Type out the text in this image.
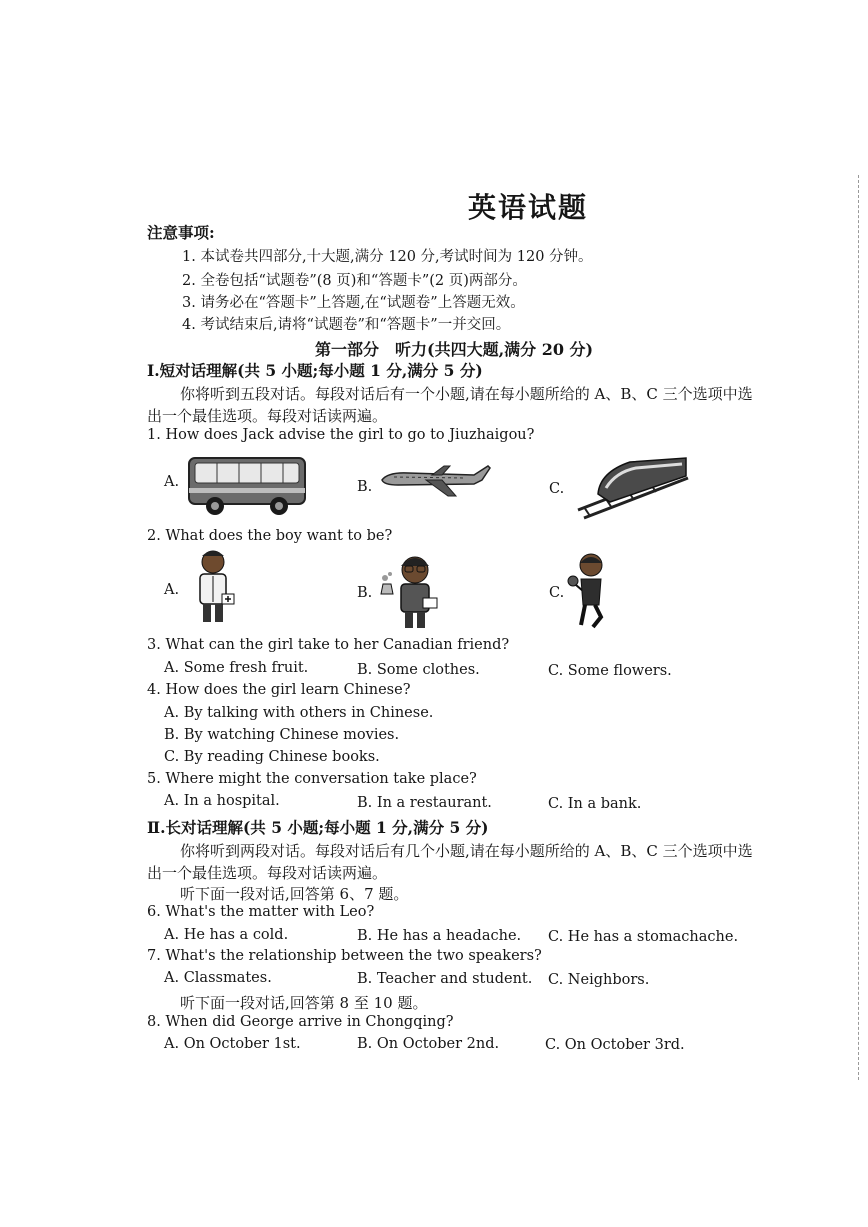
英语试题
注意事项:
1. 本试卷共四部分,十大题,满分 120 分,考试时间为 120 分钟。
2. 全卷包括“试题卷”(8 页)和“答题卡”(2 页)两部分。
3. 请务必在“答题卡”上答题,在“试题卷”上答题无效。
4. 考试结束后,请将“试题卷”和“答题卡”一并交回。
第一部分　听力(共四大题,满分 20 分)
Ⅰ.短对话理解(共 5 小题;每小题 1 分,满分 5 分)
你将听到五段对话。每段对话后有一个小题,请在每小题所给的 A、B、C 三个选项中选
出一个最佳选项。每段对话读两遍。
1. How does Jack advise the girl to go to Jiuzhaigou?
A.	B.	C.
2. What does the boy want to be?
A.	B.	C.
3. What can the girl take to her Canadian friend?
A. Some fresh fruit.	B. Some clothes.	C. Some flowers.
4. How does the girl learn Chinese?
A. By talking with others in Chinese.
B. By watching Chinese movies.
C. By reading Chinese books.
5. Where might the conversation take place?
A. In a hospital.	B. In a restaurant.	C. In a bank.
Ⅱ.长对话理解(共 5 小题;每小题 1 分,满分 5 分)
你将听到两段对话。每段对话后有几个小题,请在每小题所给的 A、B、C 三个选项中选
出一个最佳选项。每段对话读两遍。
听下面一段对话,回答第 6、7 题。
6. What's the matter with Leo?
A. He has a cold.	B. He has a headache. C. He has a stomachache.
7. What's the relationship between the two speakers?
A. Classmates.	B. Teacher and student. C. Neighbors.
听下面一段对话,回答第 8 至 10 题。
8. When did George arrive in Chongqing?
A. On October 1st.	B. On October 2nd.	C. On October 3rd.
